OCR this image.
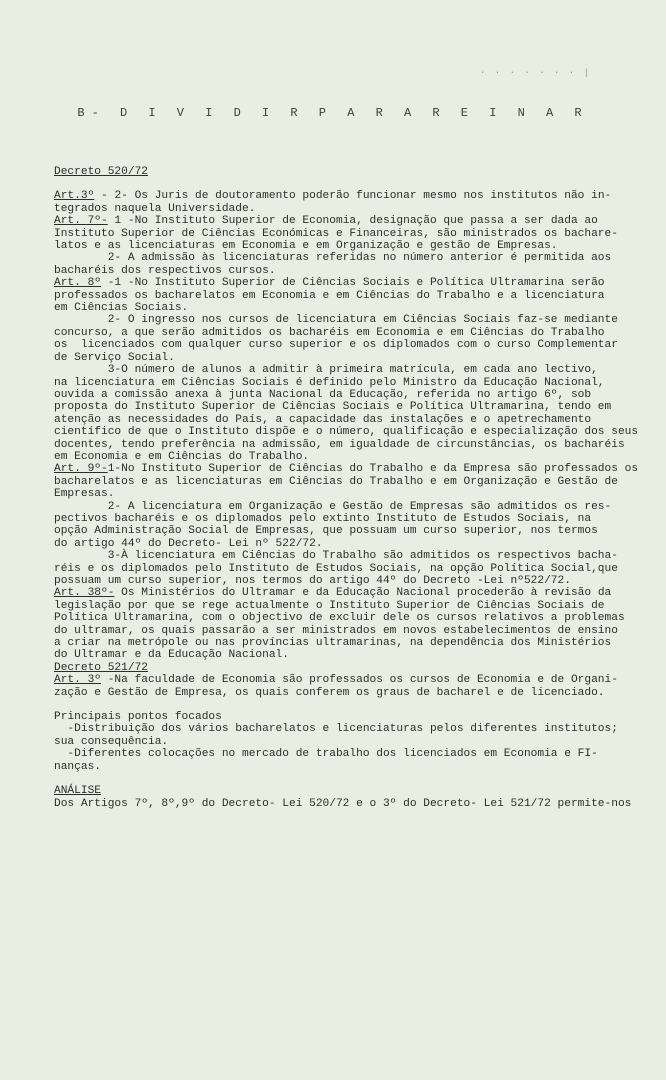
· · · · · · · |
B- D I V I D I R P A R A R E I N A R
Decreto 520/72
Art.3º - 2- Os Juris de doutoramento poderão funcionar mesmo nos institutos não in-
tegrados naquela Universidade.
Art. 7º- 1 -No Instituto Superior de Economia, designação que passa a ser dada ao
Instituto Superior de Ciências Económicas e Financeiras, são ministrados os bachare-
latos e as licenciaturas em Economia e em Organização e gestão de Empresas.
2- A admissão às licenciaturas referidas no número anterior é permitida aos
bacharéis dos respectivos cursos.
Art. 8º -1 -No Instituto Superior de Ciências Sociais e Política Ultramarina serão
professados os bacharelatos em Economia e em Ciências do Trabalho e a licenciatura
em Ciências Sociais.
2- O ingresso nos cursos de licenciatura em Ciências Sociais faz-se mediante
concurso, a que serão admitidos os bacharéis em Economia e em Ciências do Trabalho
os  licenciados com qualquer curso superior e os diplomados com o curso Complementar
de Serviço Social.
3-O número de alunos a admitir à primeira matrícula, em cada ano lectivo,
na licenciatura em Ciências Sociais é definido pelo Ministro da Educação Nacional,
ouvida a comissão anexa à junta Nacional da Educação, referida no artigo 6º, sob
proposta do Instituto Superior de Ciências Sociais e Política Ultramarina, tendo em
atenção as necessidades do País, a capacidade das instalações e o apetrechamento
científico de que o Instituto dispõe e o número, qualificação e especialização dos seus
docentes, tendo preferência na admissão, em igualdade de circunstâncias, os bacharéis
em Economia e em Ciências do Trabalho.
Art. 9º-1-No Instituto Superior de Ciências do Trabalho e da Empresa são professados os
bacharelatos e as licenciaturas em Ciências do Trabalho e em Organização e Gestão de
Empresas.
2- A licenciatura em Organização e Gestão de Empresas são admitidos os res-
pectivos bacharéis e os diplomados pelo extinto Instituto de Estudos Sociais, na
opção Administração Social de Empresas, que possuam um curso superior, nos termos
do artigo 44º do Decreto- Lei nº 522/72.
3-À licenciatura em Ciências do Trabalho são admitidos os respectivos bacha-
réis e os diplomados pelo Instituto de Estudos Sociais, na opção Política Social,que
possuam um curso superior, nos termos do artigo 44º do Decreto -Lei nº522/72.
Art. 38º- Os Ministérios do Ultramar e da Educação Nacional procederão à revisão da
legislação por que se rege actualmente o Instituto Superior de Ciências Sociais de
Política Ultramarina, com o objectivo de excluir dele os cursos relativos a problemas
do ultramar, os quais passarão a ser ministrados em novos estabelecimentos de ensino
a criar na metrópole ou nas províncias ultramarinas, na dependência dos Ministérios
do Ultramar e da Educação Nacional.
Decreto 521/72
Art. 3º -Na faculdade de Economia são professados os cursos de Economia e de Organi-
zação e Gestão de Empresa, os quais conferem os graus de bacharel e de licenciado.
Principais pontos focados
-Distribuição dos vários bacharelatos e licenciaturas pelos diferentes institutos;
sua consequência.
-Diferentes colocações no mercado de trabalho dos licenciados em Economia e FI-
nanças.
ANÁLISE
Dos Artigos 7º, 8º,9º do Decreto- Lei 520/72 e o 3º do Decreto- Lei 521/72 permite-nos
